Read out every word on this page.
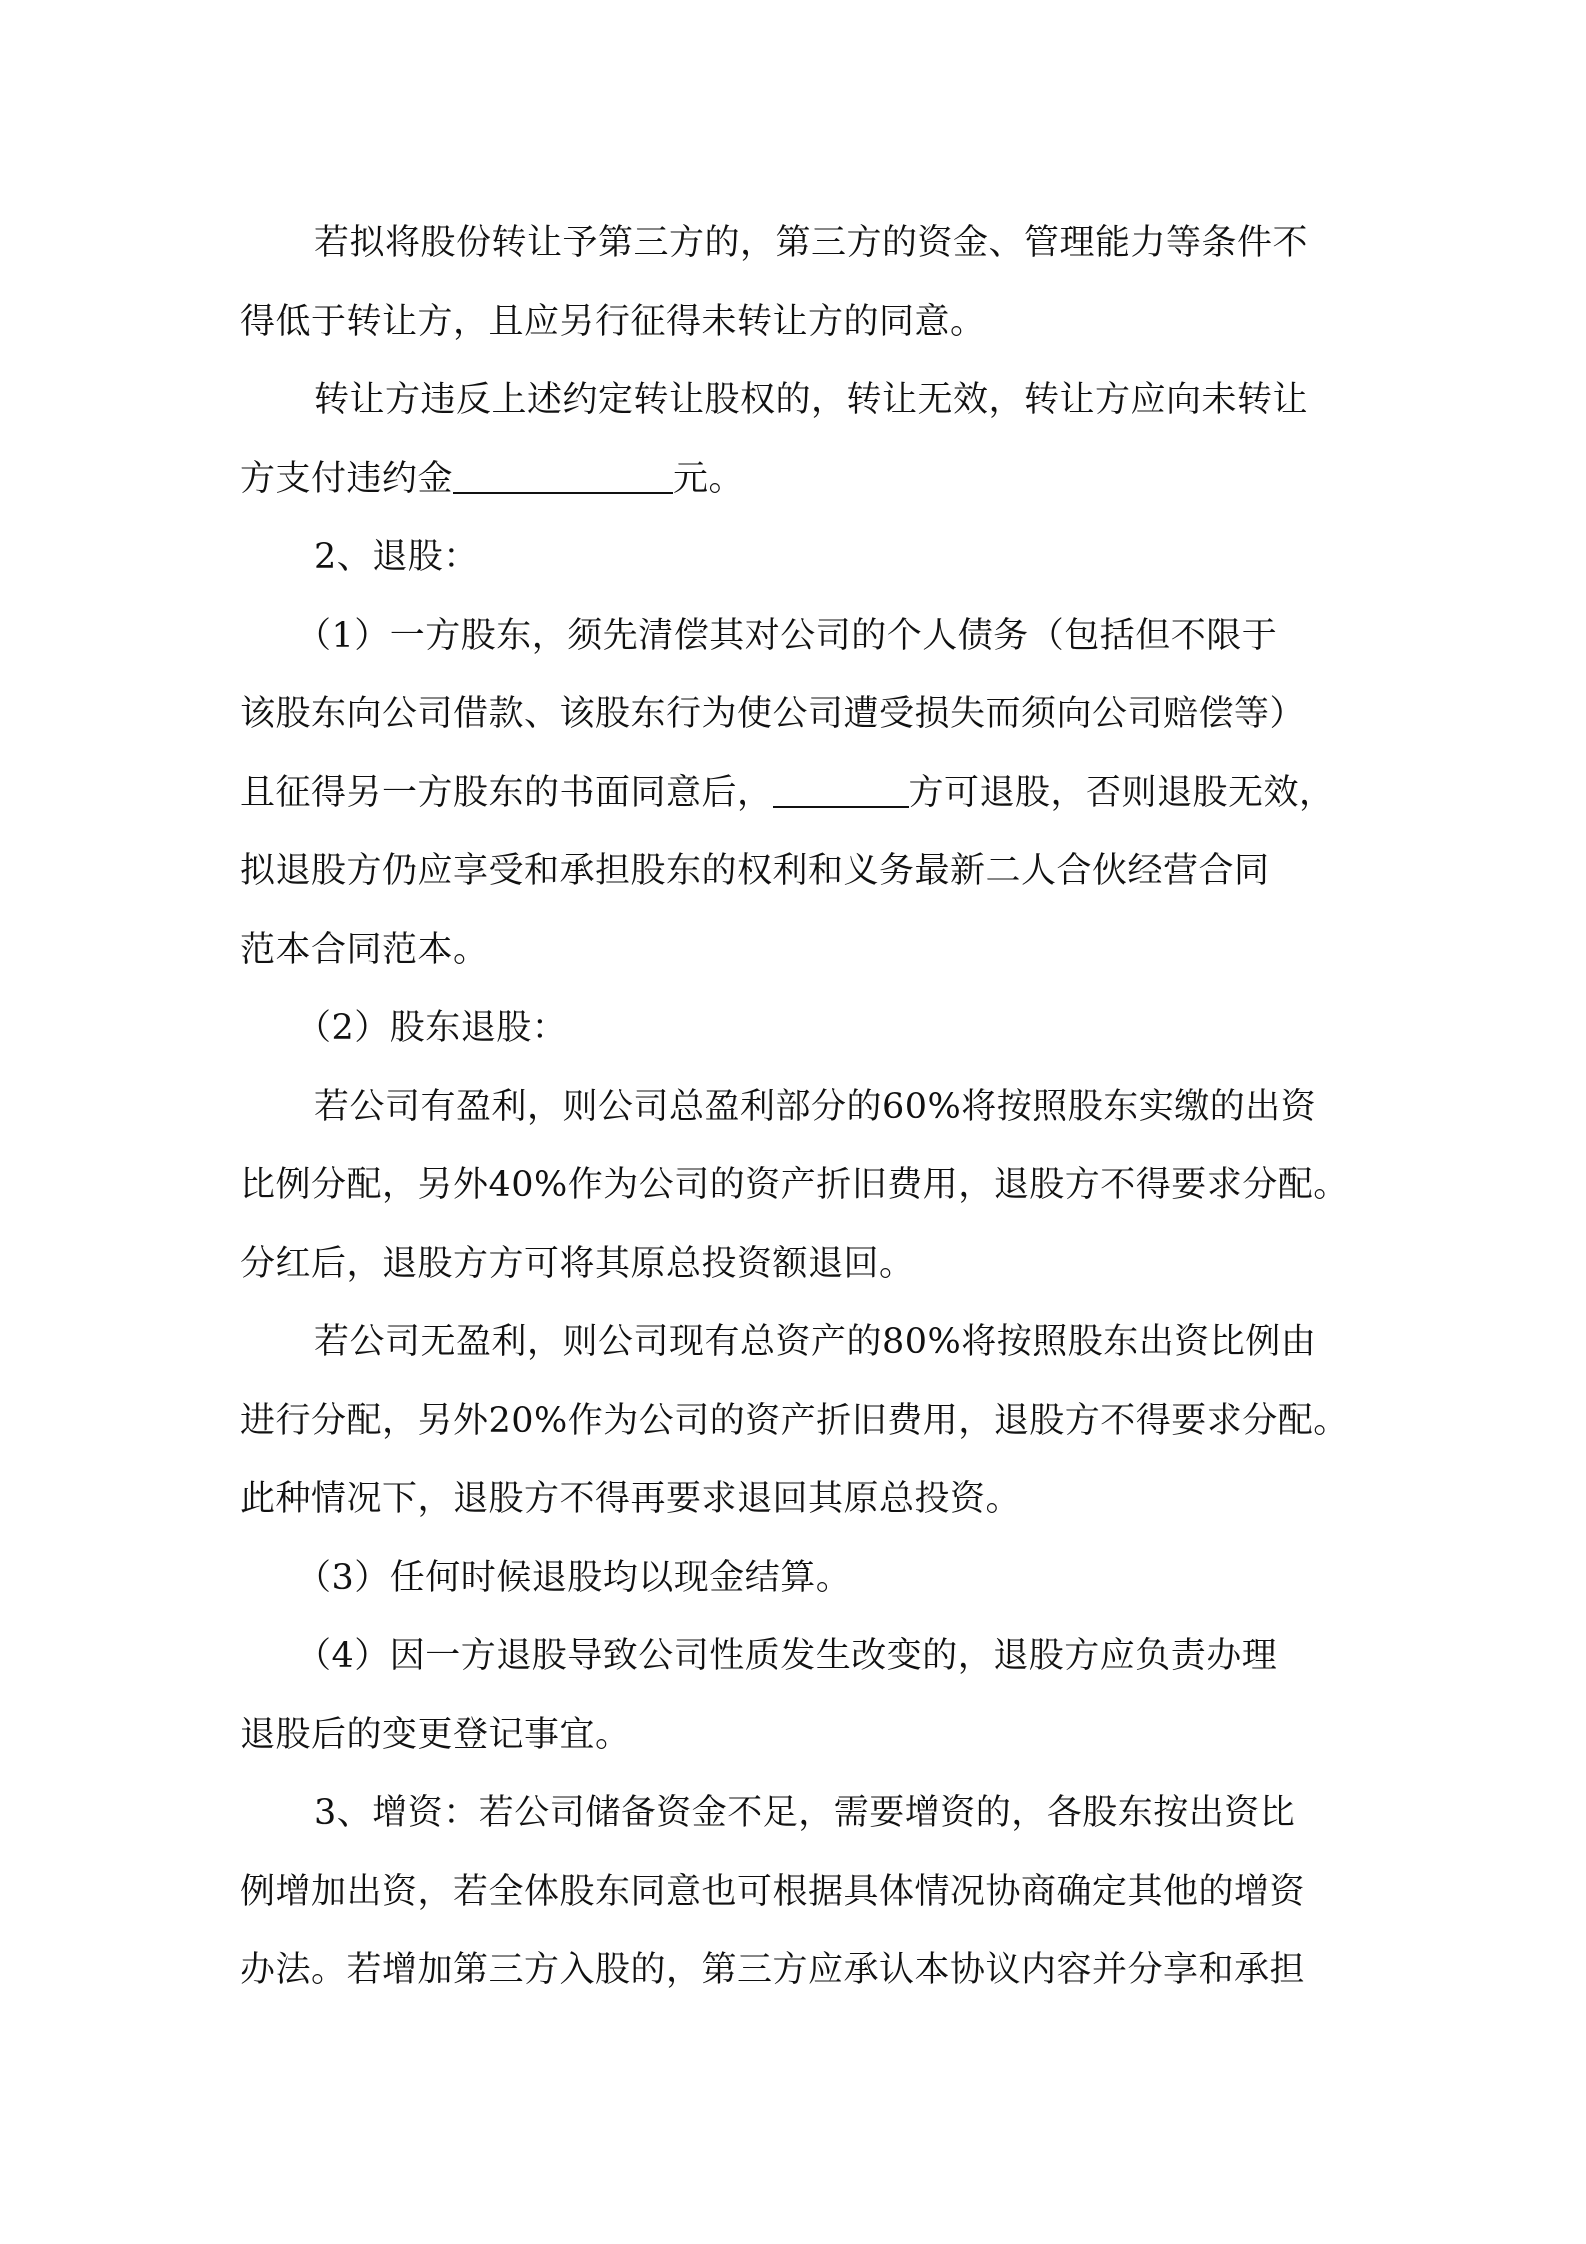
若拟将股份转让予第三方的，第三方的资金、管理能力等条件不
得低于转让方，且应另行征得未转让方的同意。
转让方违反上述约定转让股权的，转让无效，转让方应向未转让
方支付违约金	元。
2、退股：
（1）一方股东，须先清偿其对公司的个人债务（包括但不限于
该股东向公司借款、该股东行为使公司遭受损失而须向公司赔偿等）
且征得另一方股东的书面同意后，	方可退股，否则退股无效，
拟退股方仍应享受和承担股东的权利和义务最新二人合伙经营合同
范本合同范本。
（2）股东退股：
若公司有盈利，则公司总盈利部分的60%将按照股东实缴的出资
比例分配，另外40%作为公司的资产折旧费用，退股方不得要求分配。
分红后，退股方方可将其原总投资额退回。
若公司无盈利，则公司现有总资产的80%将按照股东出资比例由
进行分配，另外20%作为公司的资产折旧费用，退股方不得要求分配。
此种情况下，退股方不得再要求退回其原总投资。
（3）任何时候退股均以现金结算。
（4）因一方退股导致公司性质发生改变的，退股方应负责办理
退股后的变更登记事宜。
3、增资：若公司储备资金不足，需要增资的，各股东按出资比
例增加出资，若全体股东同意也可根据具体情况协商确定其他的增资
办法。若增加第三方入股的，第三方应承认本协议内容并分享和承担
